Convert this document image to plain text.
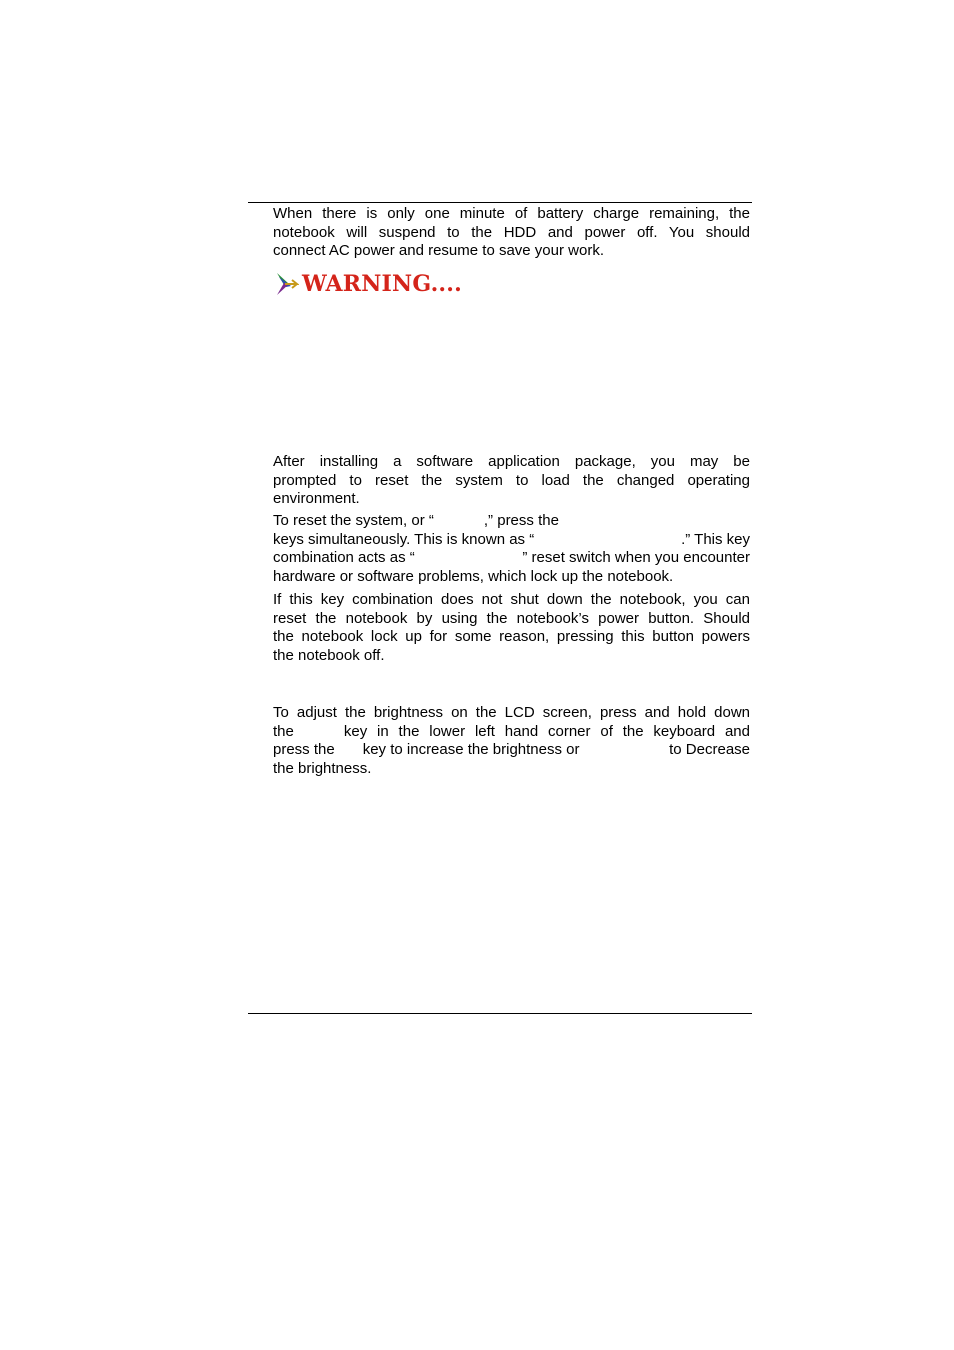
When there is only one minute of battery charge remaining, the
notebook will suspend to the HDD and power off. You should
connect AC power and resume to save your work.

WARNING....

After installing a software application package, you may be
prompted to reset the system to load the changed operating
environment.

To reset the system, or “	,” press the
keys simultaneously. This is known as “	.” This key
combination acts as “	” reset switch when you encounter
hardware or software problems, which lock up the notebook.

If this key combination does not shut down the notebook, you can
reset the notebook by using the notebook’s power button. Should
the notebook lock up for some reason, pressing this button powers
the notebook off.

To adjust the brightness on the LCD screen, press and hold down
the	key in the lower left hand corner of the keyboard and
press the key to increase the brightness or	to Decrease
the brightness.
